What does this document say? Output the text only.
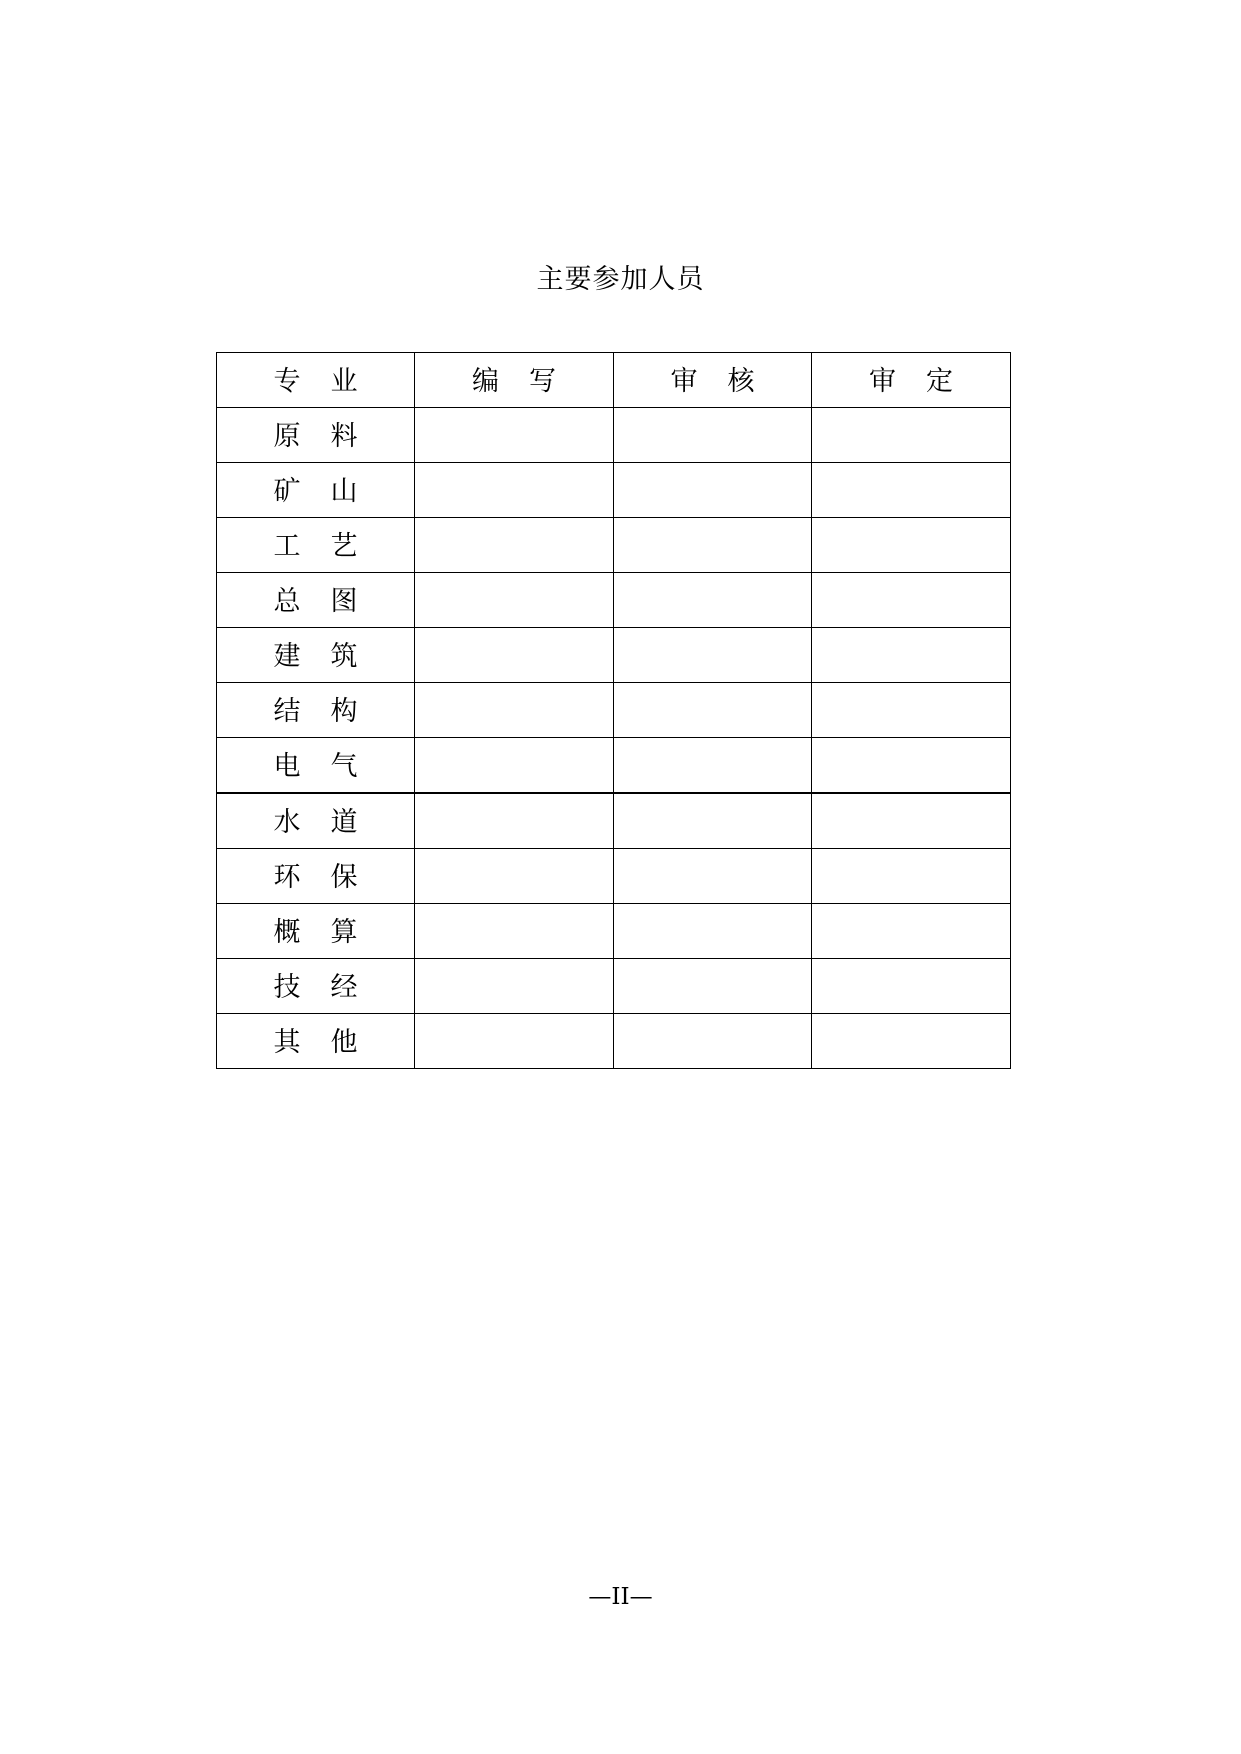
主要参加人员
专 业	编 写	审 核	审 定
原 料			
矿 山			
工 艺			
总 图			
建 筑			
结 构			
电 气			
水 道			
环 保			
概 算			
技 经			
其 他			
—II—
